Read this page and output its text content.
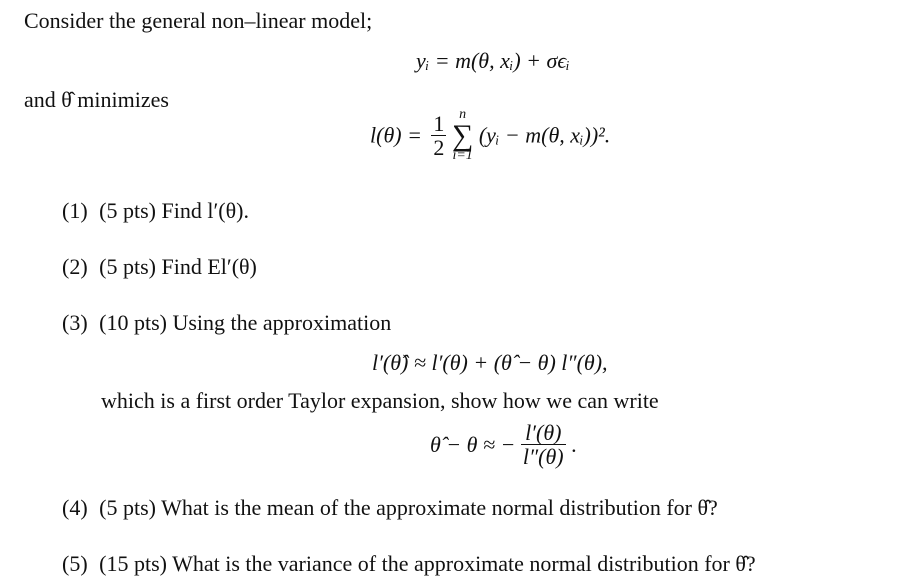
Consider the general non–linear model;
yᵢ = m(θ, xᵢ) + σϵᵢ
and θ̂ minimizes
$l(\theta) = \frac{1}{2}$
n
∑
i=1
(yᵢ − m(θ, xᵢ))².
(1) (5 pts) Find l′(θ).
(2) (5 pts) Find El′(θ)
(3) (10 pts) Using the approximation
l′(θ̂) ≈ l′(θ) + (θ̂ − θ) l″(θ),
which is a first order Taylor expansion, show how we can write
θ̂ − θ ≈ − $\frac{l'(\theta)}{l''(\theta)}$ .
(4) (5 pts) What is the mean of the approximate normal distribution for θ̂?
(5) (15 pts) What is the variance of the approximate normal distribution for θ̂?
